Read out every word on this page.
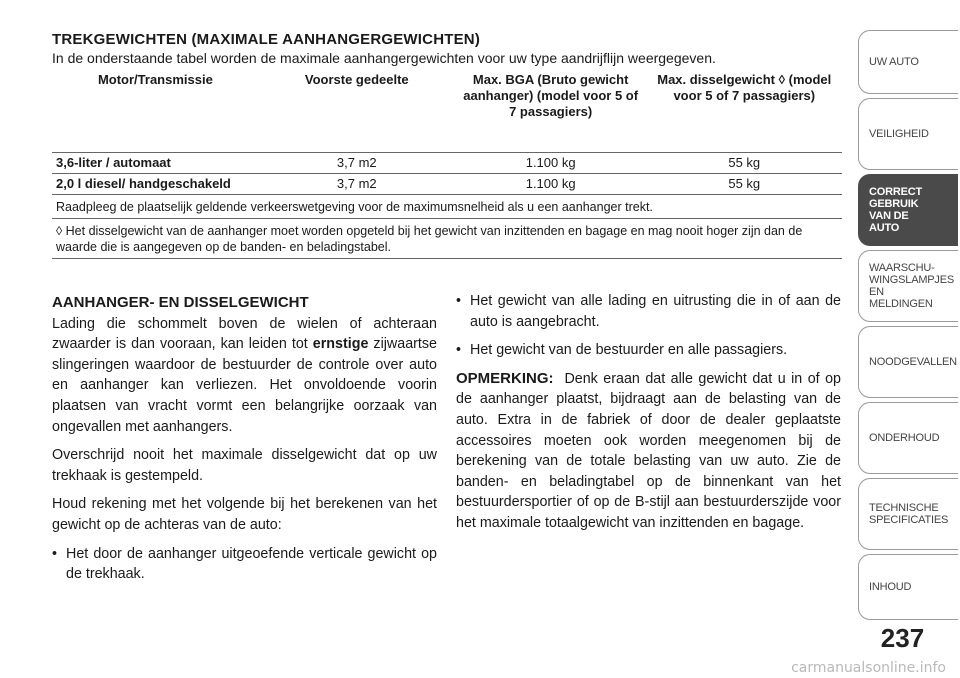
TREKGEWICHTEN (MAXIMALE AANHANGERGEWICHTEN)
In de onderstaande tabel worden de maximale aanhangergewichten voor uw type aandrijflijn weergegeven.
Motor/Transmissie	Voorste gedeelte	Max. BGA (Bruto gewicht aanhanger) (model voor 5 of 7 passagiers)	Max. disselgewicht ◊ (model voor 5 of 7 passagiers)
3,6-liter / automaat	3,7 m2	1.100 kg	55 kg
2,0 l diesel/ handgeschakeld	3,7 m2	1.100 kg	55 kg
Raadpleeg de plaatselijk geldende verkeerswetgeving voor de maximumsnelheid als u een aanhanger trekt.			
◊ Het disselgewicht van de aanhanger moet worden opgeteld bij het gewicht van inzittenden en bagage en mag nooit hoger zijn dan de waarde die is aangegeven op de banden- en beladingstabel.			
AANHANGER- EN DISSELGEWICHT

Lading die schommelt boven de wielen of achteraan zwaarder is dan vooraan, kan leiden tot ernstige zijwaartse slingeringen waardoor de bestuurder de controle over auto en aanhanger kan verliezen. Het onvoldoende voorin plaatsen van vracht vormt een belangrijke oorzaak van ongevallen met aanhangers.

Overschrijd nooit het maximale disselgewicht dat op uw trekhaak is gestempeld.

Houd rekening met het volgende bij het berekenen van het gewicht op de achteras van de auto:

• Het door de aanhanger uitgeoefende verticale gewicht op de trekhaak.
• Het gewicht van alle lading en uitrusting die in of aan de auto is aangebracht.
• Het gewicht van de bestuurder en alle passagiers.

OPMERKING: Denk eraan dat alle gewicht dat u in of op de aanhanger plaatst, bijdraagt aan de belasting van de auto. Extra in de fabriek of door de dealer geplaatste accessoires moeten ook worden meegenomen bij de berekening van de totale belasting van uw auto. Zie de banden- en beladingtabel op de binnenkant van het bestuurdersportier of op de B-stijl aan bestuurderszijde voor het maximale totaalgewicht van inzittenden en bagage.

UW AUTO
VEILIGHEID
CORRECT GEBRUIK VAN DE AUTO
WAARSCHU-WINGSLAMPJES EN MELDINGEN
NOODGEVALLEN
ONDERHOUD
TECHNISCHE SPECIFICATIES
INHOUD
237
carmanualsonline.info
